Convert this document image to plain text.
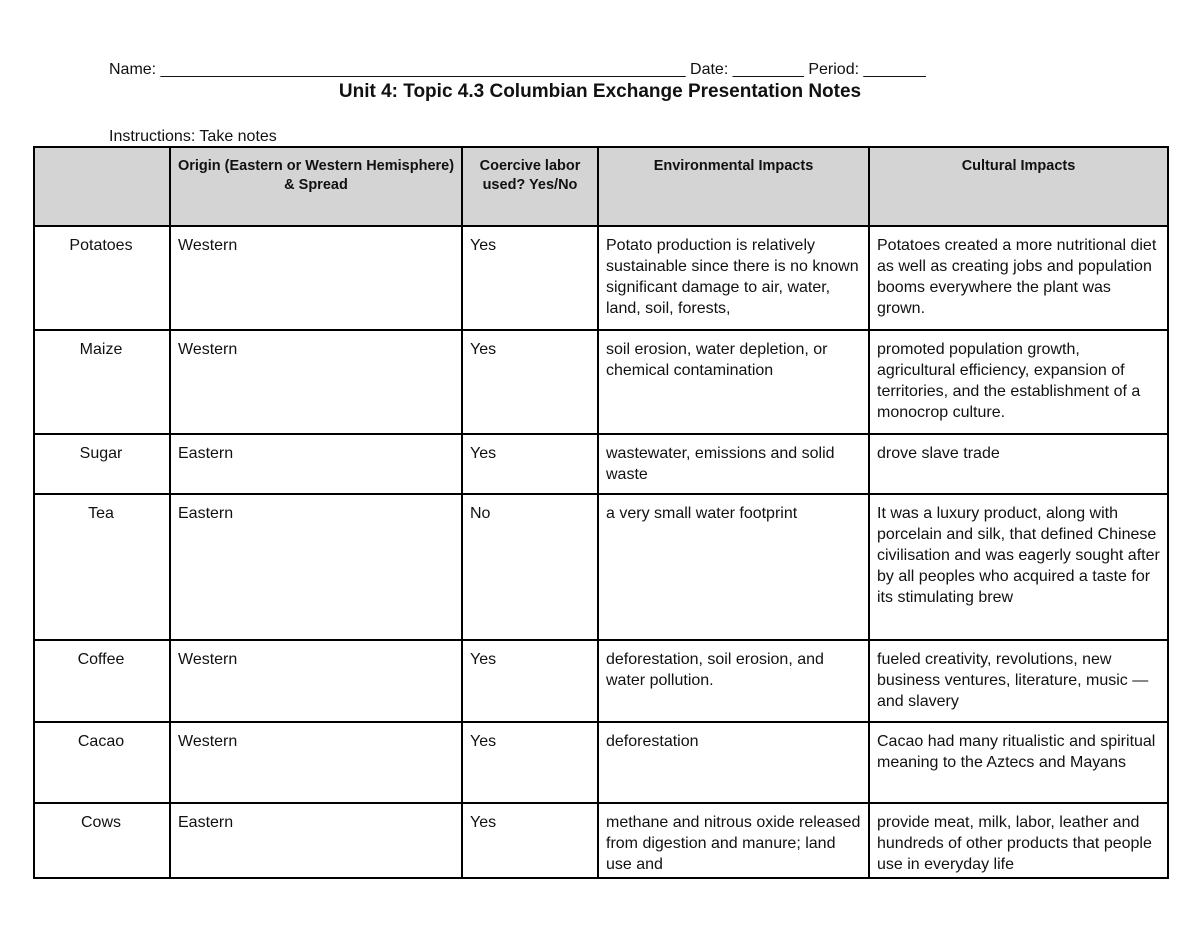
Name: ___________________________________________________________ Date: ________ Period: _______
Unit 4: Topic 4.3 Columbian Exchange Presentation Notes
Instructions: Take notes
	Origin (Eastern or Western Hemisphere) & Spread	Coercive labor used? Yes/No	Environmental Impacts	Cultural Impacts
Potatoes	Western	Yes	Potato production is relatively sustainable since there is no known significant damage to air, water, land, soil, forests,	Potatoes created a more nutritional diet as well as creating jobs and population booms everywhere the plant was grown.
Maize	Western	Yes	soil erosion, water depletion, or chemical contamination	promoted population growth, agricultural efficiency, expansion of territories, and the establishment of a monocrop culture.
Sugar	Eastern	Yes	wastewater, emissions and solid waste	drove slave trade
Tea	Eastern	No	a very small water footprint	It was a luxury product, along with porcelain and silk, that defined Chinese civilisation and was eagerly sought after by all peoples who acquired a taste for its stimulating brew
Coffee	Western	Yes	deforestation, soil erosion, and water pollution.	fueled creativity, revolutions, new business ventures, literature, music — and slavery
Cacao	Western	Yes	deforestation	Cacao had many ritualistic and spiritual meaning to the Aztecs and Mayans
Cows	Eastern	Yes	methane and nitrous oxide released from digestion and manure; land use and	provide meat, milk, labor, leather and hundreds of other products that people use in everyday life
